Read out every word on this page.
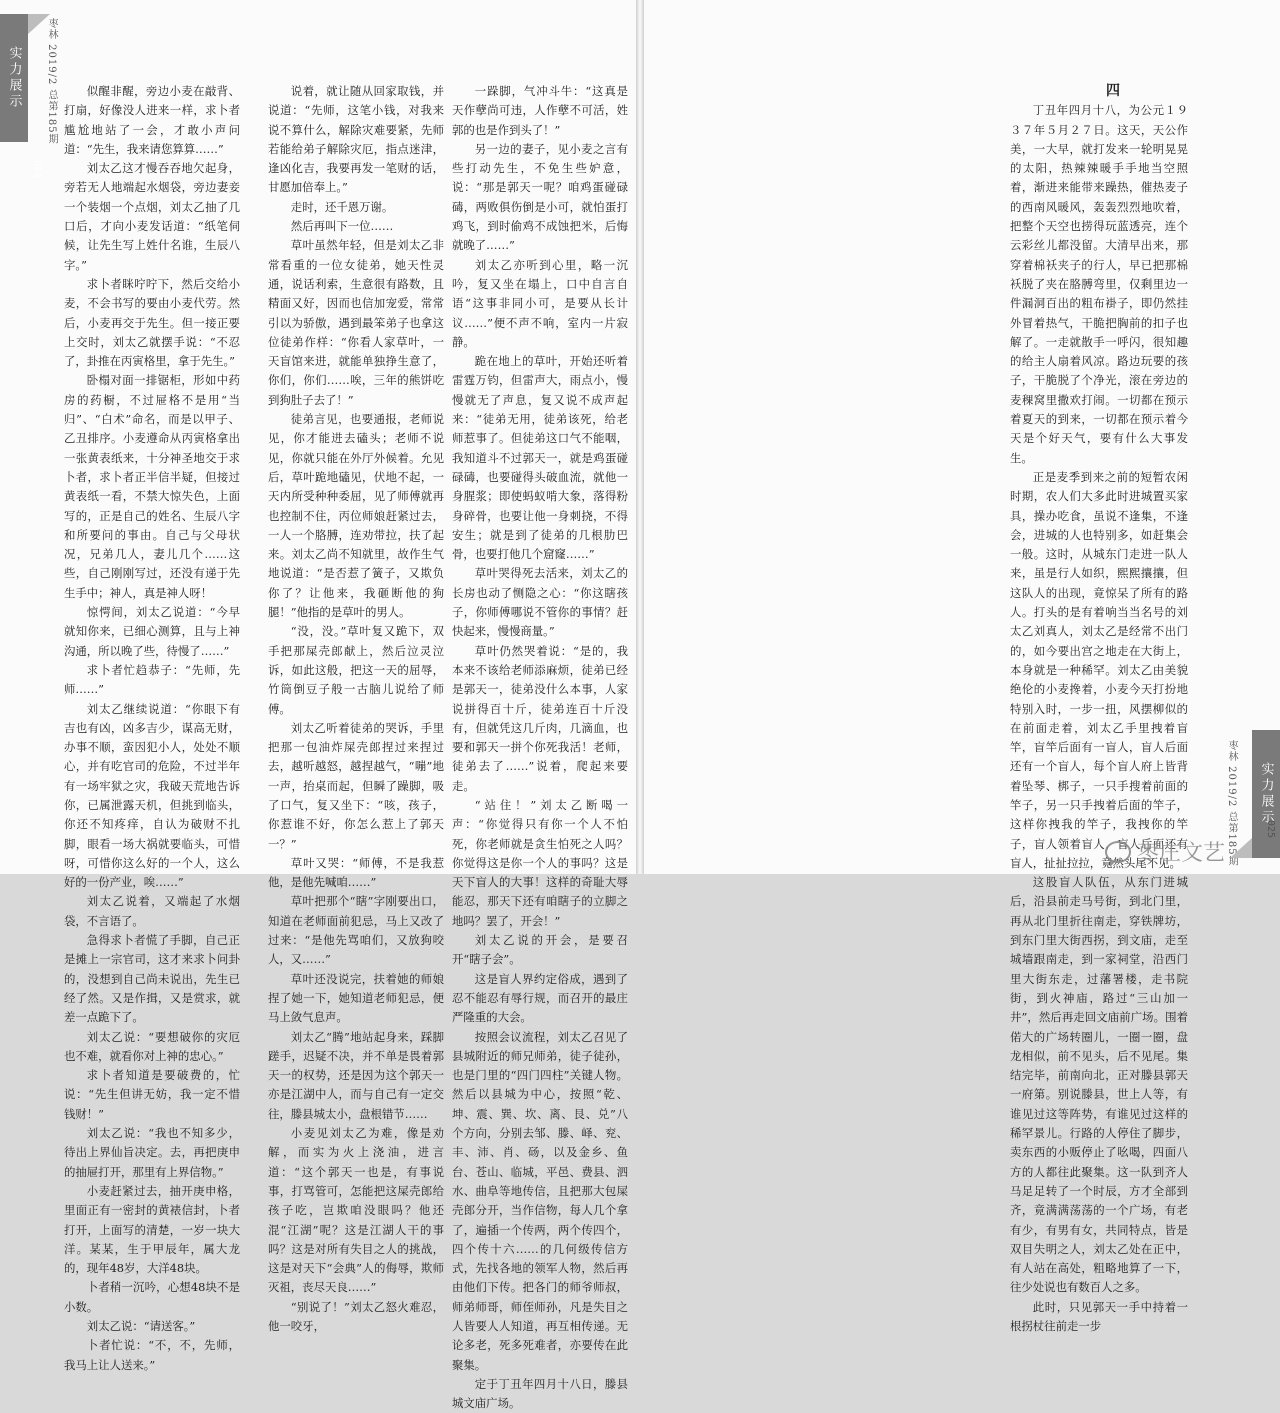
实力展示
024
枣林 2019/2 总第185期	似醒非醒，旁边小麦在敲背、打扇，好像没人进来一样，求卜者尴尬地站了一会，才敢小声问道：“先生，我来请您算算……”

刘太乙这才慢吞吞地欠起身，旁若无人地端起水烟袋，旁边妻妾一个装烟一个点烟，刘太乙抽了几口后，才向小麦发话道：“纸笔伺候，让先生写上姓什名谁，生辰八字。”

求卜者眯咛咛下，然后交给小麦，不会书写的要由小麦代劳。然后，小麦再交于先生。但一接正要上交时，刘太乙就摆手说：“不忍了，卦推在丙寅格里，拿于先生。”

卧榻对面一排锯柜，形如中药房的药橱，不过屉格不是用“当归”、“白术”命名，而是以甲子、乙丑排序。小麦遵命从丙寅格拿出一张黄表纸来，十分神圣地交于求卜者，求卜者正半信半疑，但接过黄表纸一看，不禁大惊失色，上面写的，正是自己的姓名、生辰八字和所要问的事由。自己与父母状况，兄弟几人，妻儿几个……这些，自己刚刚写过，还没有递于先生手中；神人，真是神人呀！

惊愕间，刘太乙说道：“今早就知你来，已细心测算，且与上神沟通，所以晚了些，待慢了……”

求卜者忙趋恭子：“先师，先师……”

刘太乙继续说道：“你眼下有吉也有凶，凶多吉少，谋高无财，办事不顺，蛮因犯小人，处处不顺心，并有吃官司的危险，不过半年有一场牢狱之灾，我破天荒地告诉你，已属泄露天机，但挑到临头，你还不知疼痒，自认为破财不扎脚，眼看一场大祸就要临头，可惜呀，可惜你这么好的一个人，这么好的一份产业，唉……”

刘太乙说着，又端起了水烟袋，不言语了。

急得求卜者慌了手脚，自己正是摊上一宗官司，这才来求卜问卦的，没想到自己尚未说出，先生已经了然。又是作揖，又是赏求，就差一点跪下了。

刘太乙说：“要想破你的灾厄也不难，就看你对上神的忠心。”

求卜者知道是要破费的，忙说：“先生但讲无妨，我一定不惜钱财！”

刘太乙说：“我也不知多少，待出上界仙旨决定。去，再把庚申的抽屉打开，那里有上界信物。”

小麦赶紧过去，抽开庚申格，里面正有一密封的黄裱信封，卜者打开，上面写的清楚，一岁一块大洋。某某，生于甲辰年，属大龙的，现年48岁，大洋48块。

卜者稍一沉吟，心想48块不是小数。

刘太乙说：“请送客。”

卜者忙说：“不，不，先师，我马上让人送来。”

说着，就让随从回家取钱，并说道：“先师，这笔小钱，对我来说不算什么，解除灾难要紧，先师若能给弟子解除灾厄，指点迷津，逢凶化吉，我要再发一笔财的话，甘愿加倍奉上。”

走时，还千恩万谢。

然后再叫下一位……

草叶虽然年轻，但是刘太乙非常看重的一位女徒弟，她天性灵通，说话利索，生意很有路数，且精面又好，因而也信加宠爱，常常引以为骄傲，遇到最笨弟子也拿这位徒弟作样：“你看人家草叶，一天盲馆来进，就能单独挣生意了，你们，你们……唉，三年的熊饼吃到狗肚子去了！”

徒弟言见，也要通报，老师说见，你才能进去磕头；老师不说见，你就只能在外厅外候着。允见后，草叶跪地磕见，伏地不起，一天内所受种种委屈，见了师傅就再也控制不住，丙位师娘赶紧过去，一人一个胳膊，连劝带拉，扶了起来。刘太乙尚不知就里，故作生气地说道：“是否惹了簧子，又欺负你了？让他来，我砸断他的狗腿！”他指的是草叶的男人。

“没，没。”草叶复又跪下，双手把那屎壳郎献上，然后泣灵泣诉，如此这般，把这一天的屈辱，竹筒倒豆子般一古脑儿说给了师傅。

刘太乙听着徒弟的哭诉，手里把那一包油炸屎壳郎捏过来捏过去，越听越怒，越捏越气，“嘣”地一声，抬桌而起，但瞬了躁脚，吸了口气，复又坐下：“咳，孩子，你惹谁不好，你怎么惹上了郭天一？”

草叶又哭：“师傅，不是我惹他，是他先喊咱……”

草叶把那个“瞎”字刚要出口，知道在老师面前犯忌，马上又改了过来：“是他先骂咱们，又放狗咬人，又……”

草叶还没说完，扶着她的师娘捏了她一下，她知道老师犯忌，便马上敛气息声。

刘太乙“腾”地站起身来，踩脚蹉手，迟疑不决，并不单是畏着郭天一的权势，还是因为这个郭天一亦是江湖中人，而与自己有一定交往，滕县城太小，盘根错节……

小麦见刘太乙为难，像是劝解，而实为火上浇油，进言道：“这个郭天一也是，有事说事，打骂管可，怎能把这屎壳郎给孩子吃，岂欺咱没眼吗？他还混“江湖”呢？这是江湖人干的事吗？这是对所有失目之人的挑战，这是对天下“会典”人的侮辱，欺师灭祖，丧尽天良……”

“别说了！”刘太乙怒火难忍，他一咬牙，

一跺脚，气冲斗牛：“这真是天作孽尚可违，人作孽不可活，姓郭的也是作到头了！”

另一边的妻子，见小麦之言有些打动先生，不免生些妒意，说：“那是郭天一呢？咱鸡蛋碰碌碡，两败俱伤倒是小可，就怕蛋打鸡飞，到时偷鸡不成蚀把米，后悔就晚了……”

刘太乙亦听到心里，略一沉吟，复又坐在塌上，口中自言自语“这事非同小可，是要从长计议……”便不声不响，室内一片寂静。

跪在地上的草叶，开始还听着雷霆万钧，但雷声大，雨点小，慢慢就无了声息，复又说不成声起来：“徒弟无用，徒弟该死，给老师惹事了。但徒弟这口气不能咽，我知道斗不过郭天一，就是鸡蛋碰碌碡，也要碰得头破血流，就他一身腥浆；即使蚂蚁啃大象，落得粉身碎骨，也要让他一身刺挠，不得安生；就是到了徒弟的几根肋巴骨，也要打他几个窟窿……”

草叶哭得死去活来，刘太乙的长房也动了恻隐之心：“你这瞎孩子，你师傅哪说不管你的事情？赶快起来，慢慢商量。”

草叶仍然哭着说：“是的，我本来不该给老师添麻烦，徒弟已经是郭天一，徒弟没什么本事，人家说拼得百十斤，徒弟连百十斤没有，但就凭这几斤肉，几滴血，也要和郭天一拼个你死我活！老师，徒弟去了……”说着，爬起来要走。

“站住！”刘太乙断喝一声：“你觉得只有你一个人不怕死，你老师就是贪生怕死之人吗？你觉得这是你一个人的事吗？这是天下盲人的大事！这样的奇耻大辱能忍，那天下还有咱瞎子的立脚之地吗？罢了，开会！”

刘太乙说的开会，是要召开“瞎子会”。

这是盲人界约定俗成，遇到了忍不能忍有辱行规，而召开的最庄严隆重的大会。

按照会议流程，刘太乙召见了县城附近的师兄师弟，徒子徒孙，也是门里的“四门四柱”关键人物。然后以县城为中心，按照“乾、坤、震、巽、坎、离、艮、兑”八个方向，分别去邹、滕、峄、兖、丰、沛、肖、砀，以及金乡、鱼台、苍山、临城，平邑、费县、泗水、曲阜等地传信，且把那大包屎壳郎分开，当作信物，每人几个拿了，遍插一个传两，两个传四个，四个传十六……的几何级传信方式，先找各地的领军人物，然后再由他们下传。把各门的师爷师叔，师弟师哥，师侄师孙，凡是失目之人皆要人人知道，再互相传递。无论多老，死多死难者，亦要传在此聚集。

定于丁丑年四月十八日，滕县城文庙广场。

四

丁丑年四月十八，为公元１９３７年５月２７日。这天，天公作美，一大早，就打发来一轮明晃晃的太阳，热辣辣暖手手地当空照着，渐进来能带来躁热，催热麦子的西南风暖风，轰轰烈烈地吹着，把整个天空也捞得玩蓝透亮，连个云彩丝儿都没留。大清早出来，那穿着棉袄夹子的行人，早已把那棉袄脱了夹在胳膊弯里，仅剩里边一件漏洞百出的粗布褂子，即仍然挂外冒着热气，干脆把胸前的扣子也解了。一走就散手一呼闪，很知趣的给主人扇着风凉。路边玩要的孩子，干脆脱了个净光，滚在旁边的麦稞窝里撒欢打闹。一切都在预示着夏天的到来，一切都在预示着今天是个好天气，要有什么大事发生。

正是麦季到来之前的短暂农闲时期，农人们大多此时进城置买家具，操办吃食，虽说不逢集，不逢会，进城的人也特别多，如赶集会一般。这时，从城东门走进一队人来，虽是行人如织，熙熙攘攘，但这队人的出现，竟惊呆了所有的路人。打头的是有着响当当名号的刘太乙刘真人，刘太乙是经常不出门的，如今要出宫之地走在大街上，本身就是一种稀罕。刘太乙由美貌绝伦的小麦搀着，小麦今天打扮地特别入时，一步一扭，风摆柳似的在前面走着，刘太乙手里拽着盲竿，盲竿后面有一盲人，盲人后面还有一个盲人，每个盲人府上皆背着坠琴、梆子，一只手搜着前面的竿子，另一只手拽着后面的竿子，这样你拽我的竿子，我拽你的竿子，盲人领着盲人，盲人后面还有盲人，扯扯拉拉，竟然头尾不见。

这股盲人队伍，从东门进城后，沿县前走马号街，到北门里，再从北门里折往南走，穿铁牌坊，到东门里大街西拐，到文庙，走至城墙跟南走，到一家祠堂，沿西门里大街东走，过藩署楼，走书院街，到火神庙，路过“三山加一井”，然后再走回文庙前广场。围着偌大的广场转圈儿，一圈一圈，盘龙相似，前不见头，后不见尾。集结完毕，前南向北，正对滕县郭天一府第。别说滕县，世上人等，有谁见过这等阵势，有谁见过这样的稀罕景儿。行路的人停住了脚步，卖东西的小贩停止了吆喝，四面八方的人都往此聚集。这一队到齐人马足足转了一个时辰，方才全部到齐，竟满满荡荡的一个广场，有老有少，有男有女，共同特点，皆是双目失明之人，刘太乙处在正中，有人站在高处，粗略地算了一下，往少处说也有数百人之多。

此时，只见郭天一手中持着一根拐杖往前走一步

枣林 2019/2 总第185期	实力展示
025
枣庄文艺
